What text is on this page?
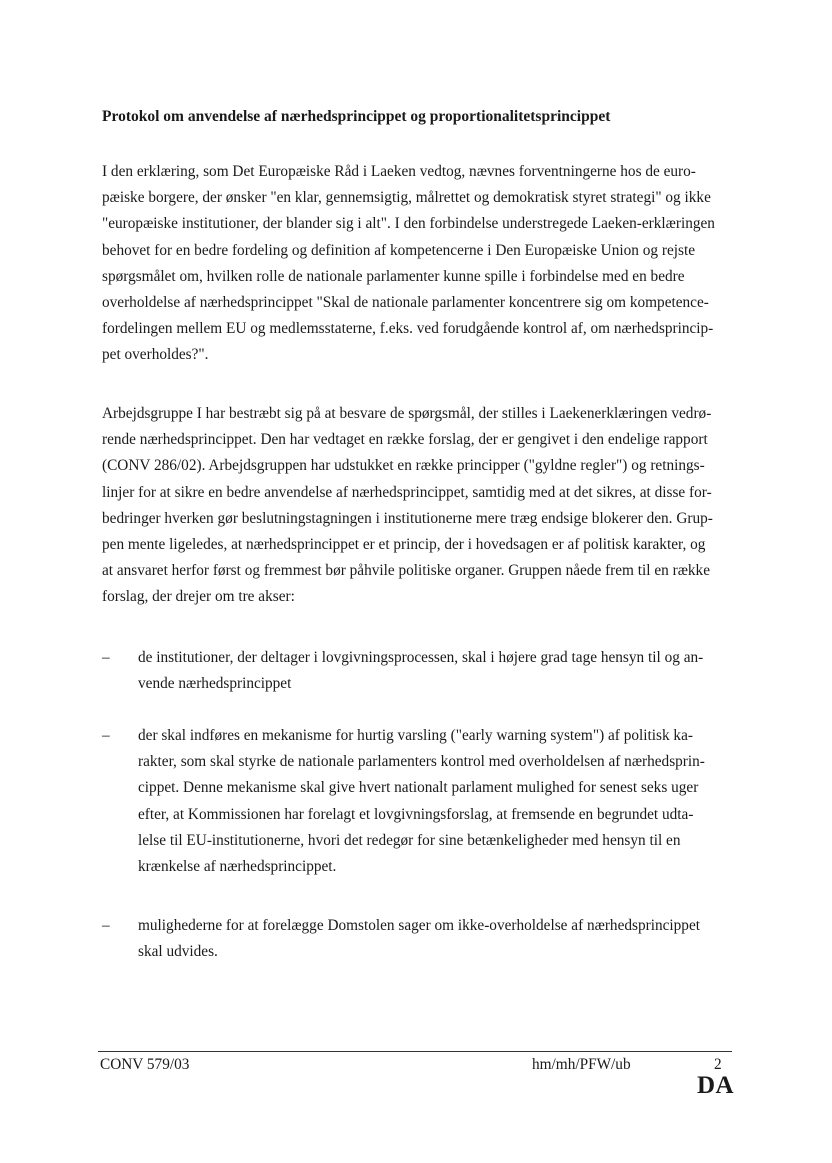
Protokol om anvendelse af nærhedsprincippet og proportionalitetsprincippet
I den erklæring, som Det Europæiske Råd i Laeken vedtog, nævnes forventningerne hos de euro-
pæiske borgere, der ønsker "en klar, gennemsigtig, målrettet og demokratisk styret strategi" og ikke
"europæiske institutioner, der blander sig i alt". I den forbindelse understregede Laeken-erklæringen
behovet for en bedre fordeling og definition af kompetencerne i Den Europæiske Union og rejste
spørgsmålet om, hvilken rolle de nationale parlamenter kunne spille i forbindelse med en bedre
overholdelse af nærhedsprincippet "Skal de nationale parlamenter koncentrere sig om kompetence-
fordelingen mellem EU og medlemsstaterne, f.eks. ved forudgående kontrol af, om nærhedsprincip-
pet overholdes?".
Arbejdsgruppe I har bestræbt sig på at besvare de spørgsmål, der stilles i Laekenerklæringen vedrø-
rende nærhedsprincippet. Den har vedtaget en række forslag, der er gengivet i den endelige rapport
(CONV 286/02). Arbejdsgruppen har udstukket en række principper ("gyldne regler") og retnings-
linjer for at sikre en bedre anvendelse af nærhedsprincippet, samtidig med at det sikres, at disse for-
bedringer hverken gør beslutningstagningen i institutionerne mere træg endsige blokerer den. Grup-
pen mente ligeledes, at nærhedsprincippet er et princip, der i hovedsagen er af politisk karakter, og
at ansvaret herfor først og fremmest bør påhvile politiske organer. Gruppen nåede frem til en række
forslag, der drejer om tre akser:
– de institutioner, der deltager i lovgivningsprocessen, skal i højere grad tage hensyn til og an-
vende nærhedsprincippet
– der skal indføres en mekanisme for hurtig varsling ("early warning system") af politisk ka-
rakter, som skal styrke de nationale parlamenters kontrol med overholdelsen af nærhedsprin-
cippet. Denne mekanisme skal give hvert nationalt parlament mulighed for senest seks uger
efter, at Kommissionen har forelagt et lovgivningsforslag, at fremsende en begrundet udta-
lelse til EU-institutionerne, hvori det redegør for sine betænkeligheder med hensyn til en
krænkelse af nærhedsprincippet.
– mulighederne for at forelægge Domstolen sager om ikke-overholdelse af nærhedsprincippet
skal udvides.
CONV 579/03	hm/mh/PFW/ub	2
DA
